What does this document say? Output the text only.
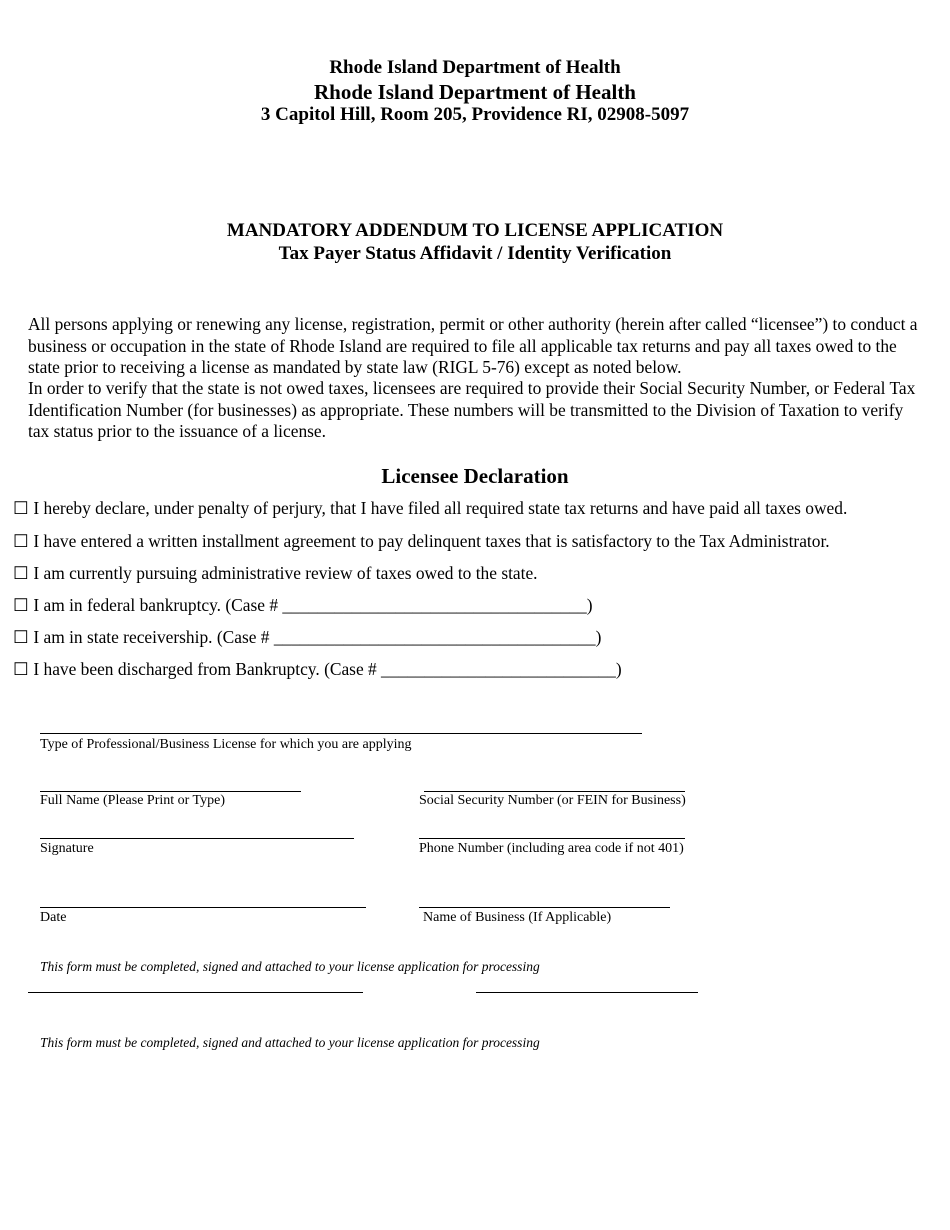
Rhode Island Department of Health
Rhode Island Department of Health
3 Capitol Hill, Room 205, Providence RI, 02908-5097
MANDATORY ADDENDUM TO LICENSE APPLICATION
Tax Payer Status Affidavit / Identity Verification
All persons applying or renewing any license, registration, permit or other authority (herein after called “licensee”) to conduct a business or occupation in the state of Rhode Island are required to file all applicable tax returns and pay all taxes owed to the state prior to receiving a license as mandated by state law (RIGL 5-76) except as noted below.
In order to verify that the state is not owed taxes, licensees are required to provide their Social Security Number, or Federal Tax Identification Number (for businesses) as appropriate. These numbers will be transmitted to the Division of Taxation to verify tax status prior to the issuance of a license.
Licensee Declaration
☐ I hereby declare, under penalty of perjury, that I have filed all required state tax returns and have paid all taxes owed.
☐ I have entered a written installment agreement to pay delinquent taxes that is satisfactory to the Tax Administrator.
☐ I am currently pursuing administrative review of taxes owed to the state.
☐ I am in federal bankruptcy. (Case # ___________________________________)
☐ I am in state receivership. (Case # _____________________________________)
☐ I have been discharged from Bankruptcy. (Case # ___________________________)
Type of Professional/Business License for which you are applying
Full Name (Please Print or Type)	Social Security Number (or FEIN for Business)
Signature	Phone Number (including area code if not 401)
Date	Name of Business (If Applicable)
This form must be completed, signed and attached to your license application for processing
This form must be completed, signed and attached to your license application for processing
